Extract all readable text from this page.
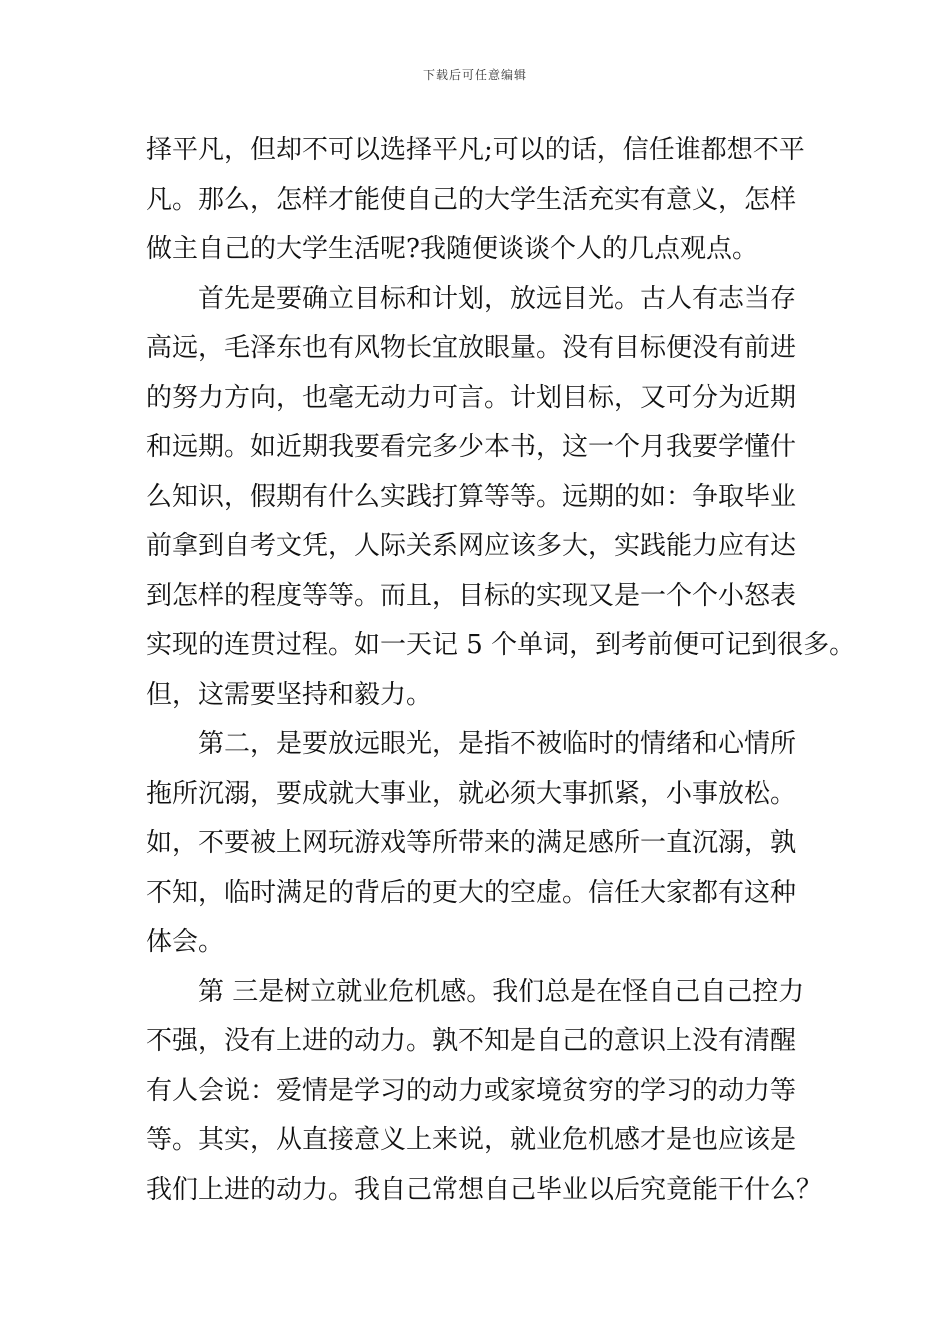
下载后可任意编辑
择平凡，但却不可以选择平凡;可以的话，信任谁都想不平
凡。那么，怎样才能使自己的大学生活充实有意义，怎样
做主自己的大学生活呢?我随便谈谈个人的几点观点。
首先是要确立目标和计划，放远目光。古人有志当存
高远，毛泽东也有风物长宜放眼量。没有目标便没有前进
的努力方向，也毫无动力可言。计划目标，又可分为近期
和远期。如近期我要看完多少本书，这一个月我要学懂什
么知识，假期有什么实践打算等等。远期的如：争取毕业
前拿到自考文凭，人际关系网应该多大，实践能力应有达
到怎样的程度等等。而且，目标的实现又是一个个小怒表
实现的连贯过程。如一天记 5 个单词，到考前便可记到很多。
但，这需要坚持和毅力。
第二，是要放远眼光，是指不被临时的情绪和心情所
拖所沉溺，要成就大事业，就必须大事抓紧，小事放松。
如，不要被上网玩游戏等所带来的满足感所一直沉溺，孰
不知，临时满足的背后的更大的空虚。信任大家都有这种
体会。
第 三是树立就业危机感。我们总是在怪自己自己控力
不强，没有上进的动力。孰不知是自己的意识上没有清醒
有人会说：爱情是学习的动力或家境贫穷的学习的动力等
等。其实，从直接意义上来说，就业危机感才是也应该是
我们上进的动力。我自己常想自己毕业以后究竟能干什么？
